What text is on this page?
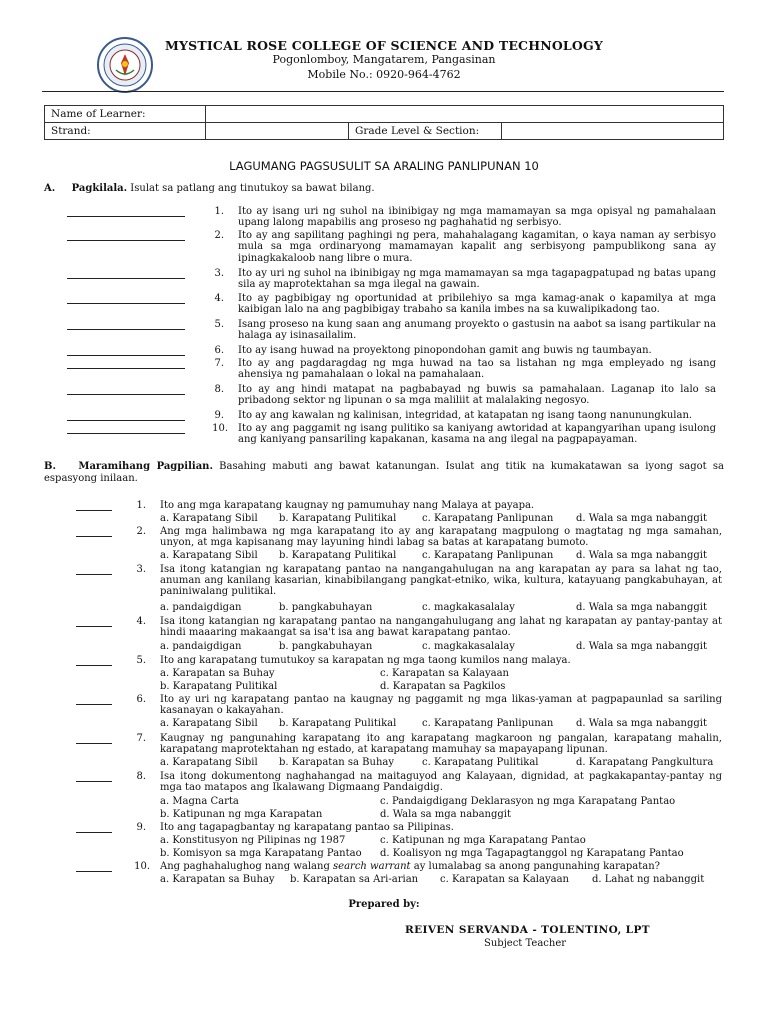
MYSTICAL ROSE COLLEGE OF SCIENCE AND TECHNOLOGY
Pogonlomboy, Mangatarem, Pangasinan
Mobile No.: 0920-964-4762
Name of Learner:			
Strand:		Grade Level & Section:	
LAGUMANG PAGSUSULIT SA ARALING PANLIPUNAN 10
A. Pagkilala. Isulat sa patlang ang tinutukoy sa bawat bilang.
1. Ito ay isang uri ng suhol na ibinibigay ng mga mamamayan sa mga opisyal ng pamahalaan upang lalong mapabilis ang proseso ng paghahatid ng serbisyo.
2. Ito ay ang sapilitang paghingi ng pera, mahahalagang kagamitan, o kaya naman ay serbisyo mula sa mga ordinaryong mamamayan kapalit ang serbisyong pampublikong sana ay ipinagkakaloob nang libre o mura.
3. Ito ay uri ng suhol na ibinibigay ng mga mamamayan sa mga tagapagpatupad ng batas upang sila ay maprotektahan sa mga ilegal na gawain.
4. Ito ay pagbibigay ng oportunidad at pribilehiyo sa mga kamag-anak o kapamilya at mga kaibigan lalo na ang pagbibigay trabaho sa kanila imbes na sa kuwalipikadong tao.
5. Isang proseso na kung saan ang anumang proyekto o gastusin na aabot sa isang partikular na halaga ay isinasailalim.
6. Ito ay isang huwad na proyektong pinopondohan gamit ang buwis ng taumbayan.
7. Ito ay ang pagdaragdag ng mga huwad na tao sa listahan ng mga empleyado ng isang ahensiya ng pamahalaan o lokal na pamahalaan.
8. Ito ay ang hindi matapat na pagbabayad ng buwis sa pamahalaan. Laganap ito lalo sa pribadong sektor ng lipunan o sa mga maliliit at malalaking negosyo.
9. Ito ay ang kawalan ng kalinisan, integridad, at katapatan ng isang taong nanunungkulan.
10. Ito ay ang paggamit ng isang pulitiko sa kaniyang awtoridad at kapangyarihan upang isulong ang kaniyang pansariling kapakanan, kasama na ang ilegal na pagpapayaman.
B. Maramihang Pagpilian. Basahing mabuti ang bawat katanungan. Isulat ang titik na kumakatawan sa iyong sagot sa espasyong inilaan.
1. Ito ang mga karapatang kaugnay ng pamumuhay nang Malaya at payapa.
a. Karapatang Sibil b. Karapatang Pulitikal	c. Karapatang Panlipunan d. Wala sa mga nabanggit
2. Ang mga halimbawa ng mga karapatang ito ay ang karapatang magpulong o magtatag ng mga samahan, unyon, at mga kapisanang may layuning hindi labag sa batas at karapatang bumoto.
a. Karapatang Sibil b. Karapatang Pulitikal	c. Karapatang Panlipunan d. Wala sa mga nabanggit
3. Isa itong katangian ng karapatang pantao na nangangahulugan na ang karapatan ay para sa lahat ng tao, anuman ang kanilang kasarian, kinabibilangang pangkat-etniko, wika, kultura, katayuang pangkabuhayan, at paniniwalang pulitikal.
a. pandaigdigan	b. pangkabuhayan	c. magkakasalalay	d. Wala sa mga nabanggit
4. Isa itong katangian ng karapatang pantao na nangangahulugang ang lahat ng karapatan ay pantay-pantay at hindi maaaring makaangat sa isa't isa ang bawat karapatang pantao.
a. pandaigdigan	b. pangkabuhayan	c. magkakasalalay	d. Wala sa mga nabanggit
5. Ito ang karapatang tumutukoy sa karapatan ng mga taong kumilos nang malaya.
a. Karapatan sa Buhay	c. Karapatan sa Kalayaan
b. Karapatang Pulitikal	d. Karapatan sa Pagkilos
6. Ito ay uri ng karapatang pantao na kaugnay ng paggamit ng mga likas-yaman at pagpapaunlad sa sariling kasanayan o kakayahan.
a. Karapatang Sibil b. Karapatang Pulitikal	c. Karapatang Panlipunan d. Wala sa mga nabanggit
7. Kaugnay ng pangunahing karapatang ito ang karapatang magkaroon ng pangalan, karapatang mahalin, karapatang maprotektahan ng estado, at karapatang mamuhay sa mapayapang lipunan.
a. Karapatang Sibil b. Karapatan sa Buhay	c. Karapatang Pulitikal	d. Karapatang Pangkultura
8. Isa itong dokumentong naghahangad na maitaguyod ang Kalayaan, dignidad, at pagkakapantay-pantay ng mga tao matapos ang Ikalawang Digmaang Pandaigdig.
a. Magna Carta	c. Pandaigdigang Deklarasyon ng mga Karapatang Pantao
b. Katipunan ng mga Karapatan	d. Wala sa mga nabanggit
9. Ito ang tagapagbantay ng karapatang pantao sa Pilipinas.
a. Konstitusyon ng Pilipinas ng 1987	c. Katipunan ng mga Karapatang Pantao
b. Komisyon sa mga Karapatang Pantao d. Koalisyon ng mga Tagapagtanggol ng Karapatang Pantao
10. Ang paghahalughog nang walang search warrant ay lumalabag sa anong pangunahing karapatan?
a. Karapatan sa Buhay b. Karapatan sa Ari-arian c. Karapatan sa Kalayaan d. Lahat ng nabanggit
Prepared by:
REIVEN SERVANDA - TOLENTINO, LPT
Subject Teacher
